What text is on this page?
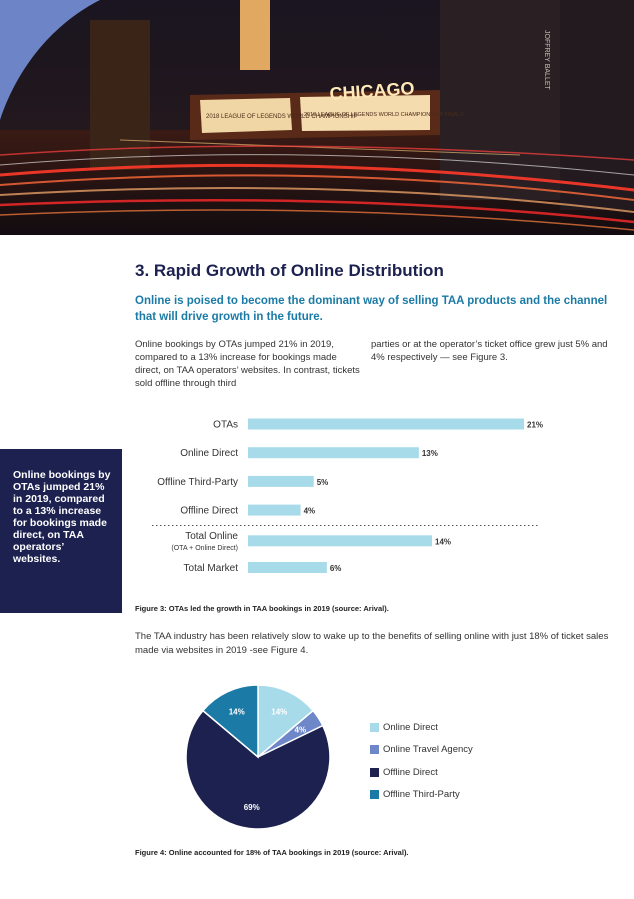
2018 LEAGUE OF LEGENDS WORLD CHAMPIONSHIP
2018 LEAGUE OF LEGENDS WORLD CHAMPIONSHIP FINALS
CHICAGO
JOFFREY BALLET

Online bookings by OTAs jumped 21% in 2019, compared to a 13% increase for bookings made direct, on TAA operators’ websites.

3. Rapid Growth of Online Distribution

Online is poised to become the dominant way of selling TAA products and the channel that will drive growth in the future.

Online bookings by OTAs jumped 21% in 2019, compared to a 13% increase for bookings made direct, on TAA operators’ websites. In contrast, tickets sold offline through third

parties or at the operator’s ticket office grew just 5% and 4% respectively — see Figure 3.

OTAs	21%
Online Direct	13%
Offline Third-Party	5%
Offline Direct	4%
Total Online
(OTA + Online Direct)
14%
Total Market	6%

Figure 3: OTAs led the growth in TAA bookings in 2019 (source: Arival).

The TAA industry has been relatively slow to wake up to the benefits of selling online with just 18% of ticket sales made via websites in 2019 -see Figure 4.

14%
4%
69%
14%
Online Direct
Online Travel Agency
Offline Direct
Offline Third-Party

Figure 4: Online accounted for 18% of TAA bookings in 2019 (source: Arival).
